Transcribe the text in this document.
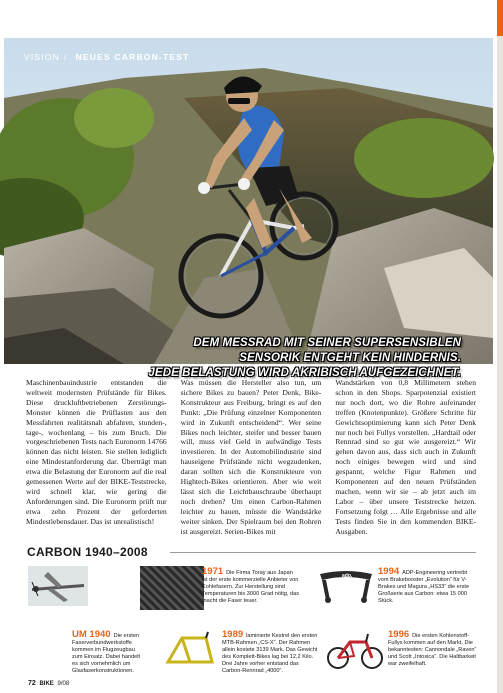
DEM MESSRAD MIT SEINER SUPERSENSIBLEN
SENSORIK ENTGEHT KEIN HINDERNIS.
JEDE BELASTUNG WIRD AKRIBISCH AUFGEZEICHNET.
VISION / NEUES CARBON-TEST
Maschinenbauindustrie entstanden die weltweit modernsten Prüfstände für Bikes. Diese druckluftbetriebenen Zerstörungs-Monster können die Prüflasten aus den Messfahrten realitätsnah abfahren, stunden-, tage-, wochenlang – bis zum Bruch. Die vorgeschriebenen Tests nach Euronorm 14766 können das nicht leisten. Sie stellen lediglich eine Mindestanforderung dar. Überträgt man etwa die Belastung der Euronorm auf die real gemessenen Werte auf der BIKE-Teststrecke, wird schnell klar, wie gering die Anforderungen sind. Die Euronorm prüft nur etwa zehn Prozent der geforderten Mindestlebensdauer. Das ist unrealistisch!
Was müssen die Hersteller also tun, um sichere Bikes zu bauen? Peter Denk, Bike-Konstrukteur aus Freiburg, bringt es auf den Punkt: „Die Prüfung einzelner Komponenten wird in Zukunft entscheidend“. Wer seine Bikes noch leichter, steifer und besser bauen will, muss viel Geld in aufwändige Tests investieren. In der Automobilindustrie sind hauseigene Prüfstände nicht wegzudenken, daran sollten sich die Konstrukteure von Hightech-Bikes orientieren. Aber wie weit lässt sich die Leichtbauschraube überhaupt noch drehen? Um einen Carbon-Rahmen leichter zu bauen, müsste die Wandstärke weiter sinken. Der Spielraum bei den Rohren ist ausgereizt. Serien-Bikes mit
Wandstärken von 0,8 Millimetern stehen schon in den Shops. Sparpotenzial existiert nur noch dort, wo die Rohre aufeinander treffen (Knotenpunkte). Größere Schritte für Gewichtsoptimierung kann sich Peter Denk nur noch bei Fullys vorstellen. „Hardtail oder Rennrad sind so gut wie ausgereizt.“ Wir gehen davon aus, dass sich auch in Zukunft noch einiges bewegen wird und sind gespannt, welche Figur Rahmen und Komponenten auf den neuen Prüfständen machen, wenn wir sie – ab jetzt auch im Labor – über unsere Teststrecke hetzen. Fortsetzung folgt … Alle Ergebnisse und alle Tests finden Sie in den kommenden BIKE-Ausgaben.
CARBON 1940–2008
1971 Die Firma Toray aus Japan ist der erste kommerzielle Anbieter von Kohlefasern. Zur Herstellung sind Temperaturen bis 3000 Grad nötig, das macht die Faser teuer.
adp.	1994 ADP-Engineering vertreibt vom Brakebooster „Evolution“ für V-Brakes und Magura „HS33“ die erste Großserie aus Carbon: etwa 15 000 Stück.
UM 1940 Die ersten Faserverbundwerkstoffe kommen im Flugzeugbau zum Einsatz. Dabei handelt es sich vornehmlich um Glasfaserkonstruktionen.
1989 laminierte Kestrel den ersten MTB-Rahmen „CS-X“. Der Rahmen allein kostete 3139 Mark. Das Gewicht des Komplett-Bikes lag bei 12,2 Kilo. Drei Jahre vorher entstand das Carbon-Rennrad „4000“.
1996 Die ersten Kohlenstoff-Fullys kommen auf den Markt. Die bekanntesten: Cannondale „Raven“ und Scott „Intoxica“. Die Haltbarkeit war zweifelhaft.
72 BIKE 9/08
